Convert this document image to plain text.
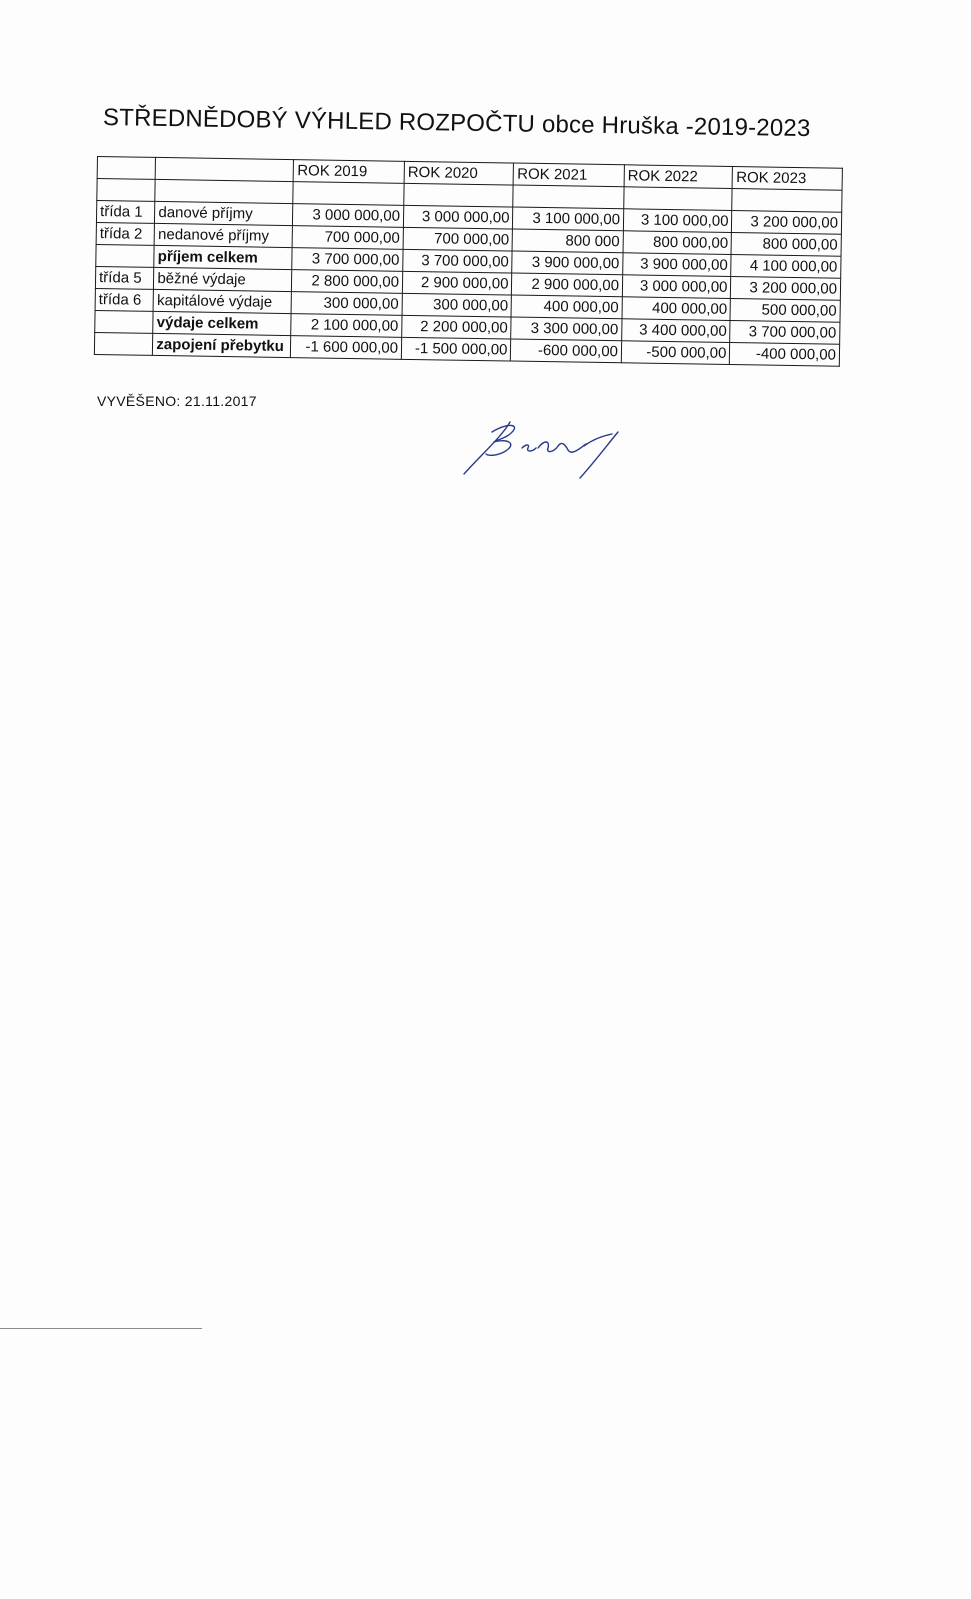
STŘEDNĚDOBÝ VÝHLED ROZPOČTU obce Hruška -2019-2023
		ROK 2019	ROK 2020	ROK 2021	ROK 2022	ROK 2023

třída 1	danové příjmy	3 000 000,00	3 000 000,00	3 100 000,00	3 100 000,00	3 200 000,00
třída 2	nedanové příjmy	700 000,00	700 000,00	800 000	800 000,00	800 000,00
	příjem celkem	3 700 000,00	3 700 000,00	3 900 000,00	3 900 000,00	4 100 000,00
třída 5	běžné výdaje	2 800 000,00	2 900 000,00	2 900 000,00	3 000 000,00	3 200 000,00
třída 6	kapitálové výdaje	300 000,00	300 000,00	400 000,00	400 000,00	500 000,00
	výdaje celkem	2 100 000,00	2 200 000,00	3 300 000,00	3 400 000,00	3 700 000,00
	zapojení přebytku	-1 600 000,00	-1 500 000,00	-600 000,00	-500 000,00	-400 000,00
VYVĚŠENO: 21.11.2017
